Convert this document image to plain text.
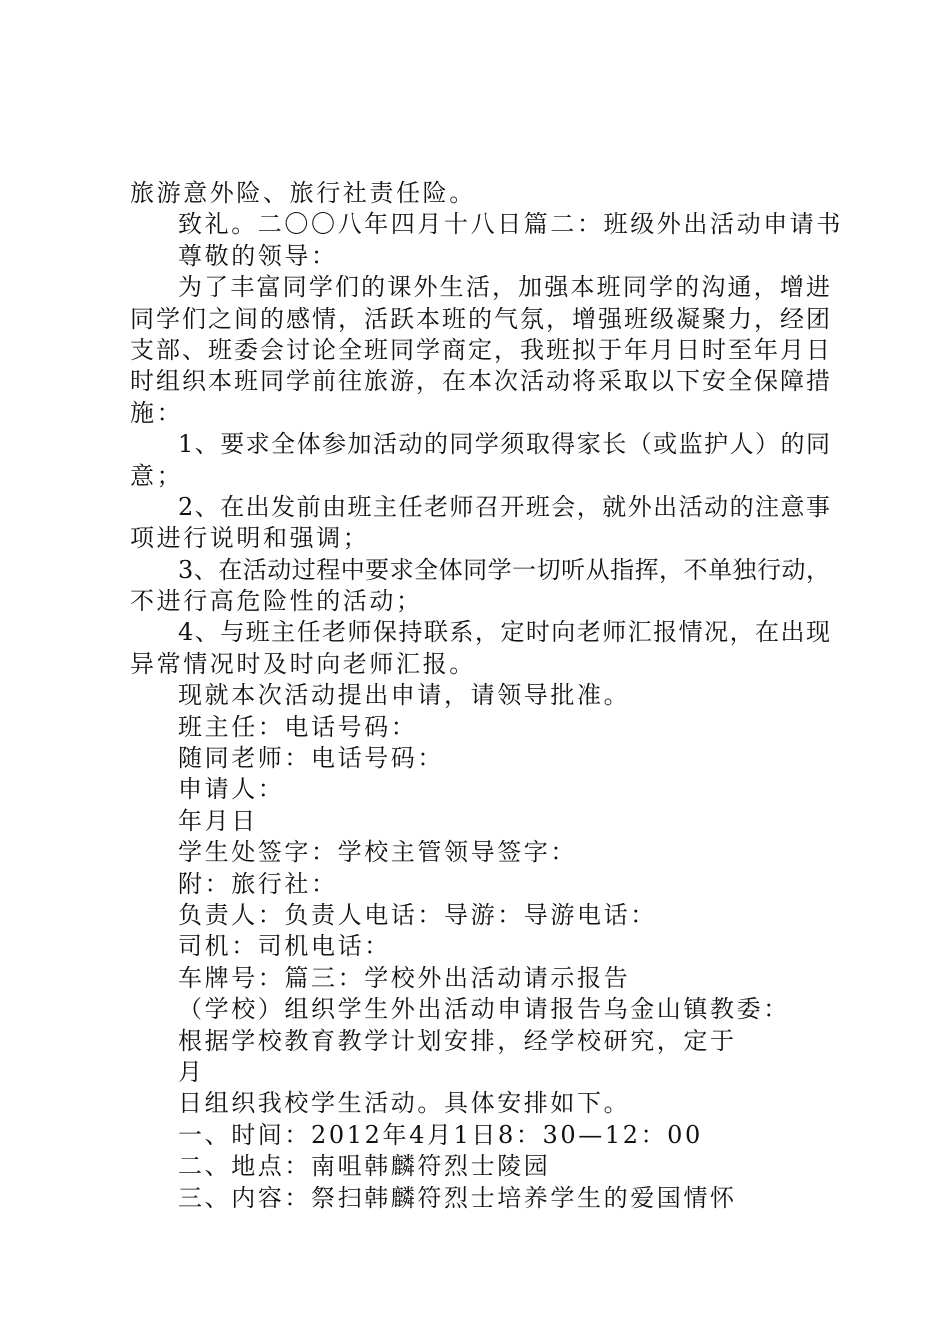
旅游意外险、旅行社责任险。
致礼。二〇〇八年四月十八日篇二：班级外出活动申请书
尊敬的领导：
为了丰富同学们的课外生活，加强本班同学的沟通，增进
同学们之间的感情，活跃本班的气氛，增强班级凝聚力，经团
支部、班委会讨论全班同学商定，我班拟于年月日时至年月日
时组织本班同学前往旅游，在本次活动将采取以下安全保障措
施：
1、要求全体参加活动的同学须取得家长（或监护人）的同
意；
2、在出发前由班主任老师召开班会，就外出活动的注意事
项进行说明和强调；
3、在活动过程中要求全体同学一切听从指挥，不单独行动，
不进行高危险性的活动；
4、与班主任老师保持联系，定时向老师汇报情况，在出现
异常情况时及时向老师汇报。
现就本次活动提出申请，请领导批准。
班主任：电话号码：
随同老师：电话号码：
申请人：
年月日
学生处签字：学校主管领导签字：
附：旅行社：
负责人：负责人电话：导游：导游电话：
司机：司机电话：
车牌号：篇三：学校外出活动请示报告
（学校）组织学生外出活动申请报告乌金山镇教委：
根据学校教育教学计划安排，经学校研究，定于
月
日组织我校学生活动。具体安排如下。
一、时间：2012年4月1日8：30—12：00
二、地点：南咀韩麟符烈士陵园
三、内容：祭扫韩麟符烈士培养学生的爱国情怀
